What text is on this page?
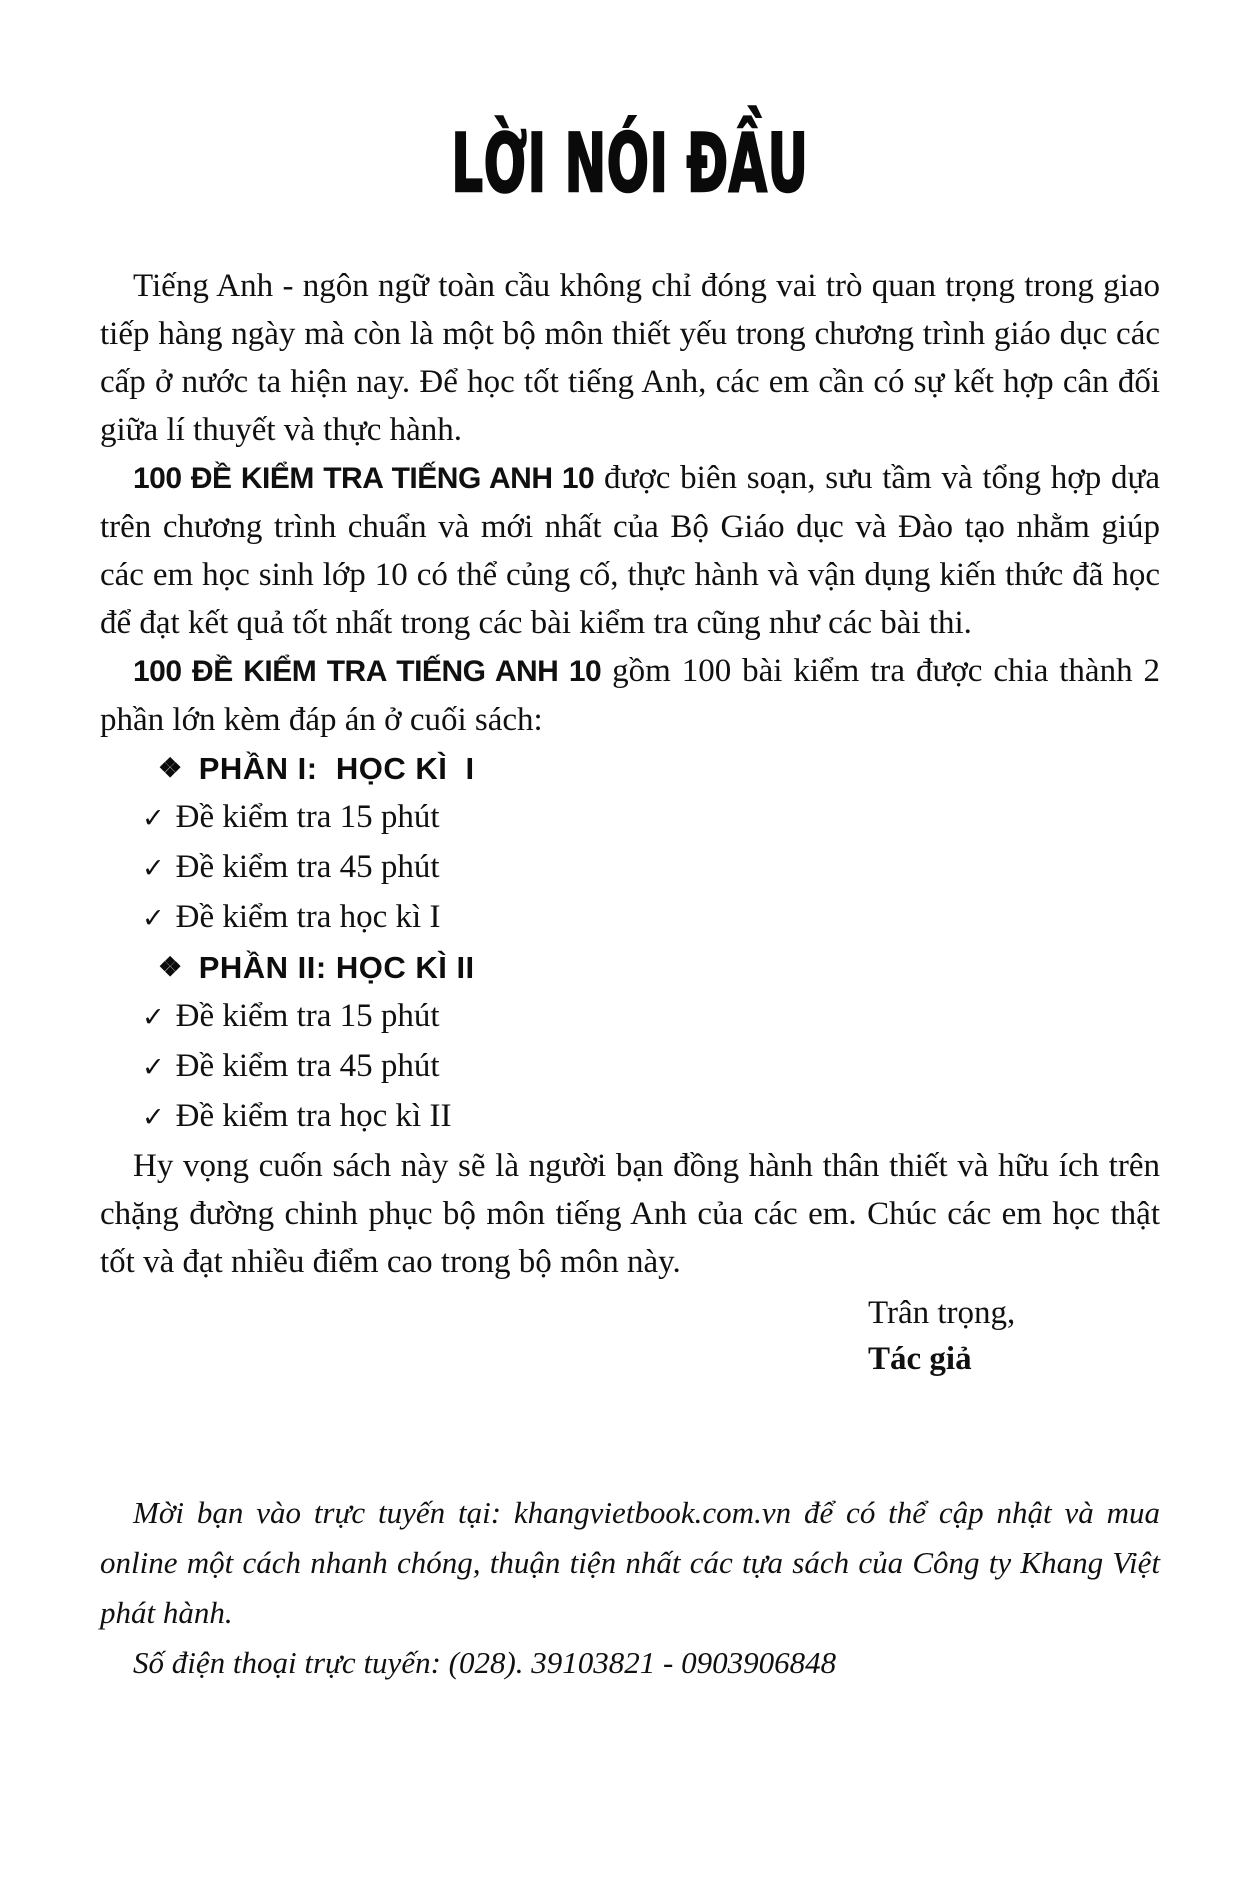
LỜI NÓI ĐẦU

Tiếng Anh - ngôn ngữ toàn cầu không chỉ đóng vai trò quan trọng trong giao tiếp hàng ngày mà còn là một bộ môn thiết yếu trong chương trình giáo dục các cấp ở nước ta hiện nay. Để học tốt tiếng Anh, các em cần có sự kết hợp cân đối giữa lí thuyết và thực hành.

100 ĐỀ KIỂM TRA TIẾNG ANH 10 được biên soạn, sưu tầm và tổng hợp dựa trên chương trình chuẩn và mới nhất của Bộ Giáo dục và Đào tạo nhằm giúp các em học sinh lớp 10 có thể củng cố, thực hành và vận dụng kiến thức đã học để đạt kết quả tốt nhất trong các bài kiểm tra cũng như các bài thi.

100 ĐỀ KIỂM TRA TIẾNG ANH 10 gồm 100 bài kiểm tra được chia thành 2 phần lớn kèm đáp án ở cuối sách:

❖ PHẦN I:  HỌC KÌ  I

✓ Đề kiểm tra 15 phút

✓ Đề kiểm tra 45 phút

✓ Đề kiểm tra học kì I

❖ PHẦN II: HỌC KÌ II

✓ Đề kiểm tra 15 phút

✓ Đề kiểm tra 45 phút

✓ Đề kiểm tra học kì II

Hy vọng cuốn sách này sẽ là người bạn đồng hành thân thiết và hữu ích trên chặng đường chinh phục bộ môn tiếng Anh của các em. Chúc các em học thật tốt và đạt nhiều điểm cao trong bộ môn này.

Trân trọng,
Tác giả

Mời bạn vào trực tuyến tại: khangvietbook.com.vn để có thể cập nhật và mua online một cách nhanh chóng, thuận tiện nhất các tựa sách của Công ty Khang Việt phát hành.

Số điện thoại trực tuyến: (028). 39103821 - 0903906848
